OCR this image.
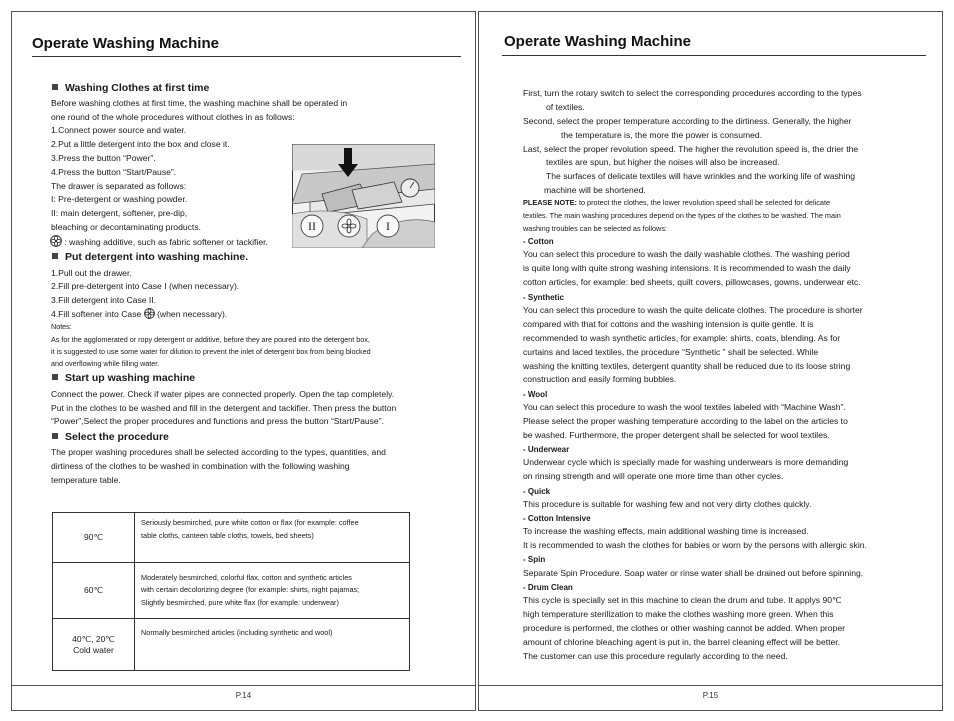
Operate Washing Machine
Washing Clothes at first time
Before washing clothes at first time, the washing machine shall be operated in
one round of the whole procedures without clothes in as follows:
1.Connect power source and water.
2.Put a little detergent into the box and close it.
3.Press the button “Power”.
4.Press the button “Start/Pause”.
The drawer is separated as follows:
I: Pre-detergent or washing powder.
II: main detergent, softener, pre-dip,
bleaching or decontaminating products.
: washing additive, such as fabric softener or tackifier.
II	I
Put detergent into washing machine.
1.Pull out the drawer.
2.Fill pre-detergent into Case I (when necessary).
3.Fill detergent into Case II.
4.Fill softener into Case (when necessary).
Notes:
As for the agglomerated or ropy detergent or additive, before they are poured into the detergent box,
it is suggested to use some water for dilution to prevent the inlet of detergent box from being blocked
and overflowing while filling water.
Start up washing machine
Connect the power. Check if water pipes are connected properly. Open the tap completely.
Put in the clothes to be washed and fill in the detergent and tackifier. Then press the button
“Power”,Select the proper procedures and functions and press the button “Start/Pause”.
Select the procedure
The proper washing procedures shall be selected according to the types, quantities, and
dirtiness of the clothes to be washed in combination with the following washing
temperature table.
90℃	Seriously besmirched, pure white cotton or flax (for example: coffee
table cloths, canteen table cloths, towels, bed sheets)

60℃	Moderately besmirched, colorful flax, cotton and synthetic articles
with certain decolorizing degree (for example: shirts, night pajamas;
Slightly besmirched, pure white flax (for example: underwear)

40℃, 20℃
Cold water	Normally besmirched articles (including synthetic and wool)
P.14
Operate Washing Machine
First, turn the rotary switch to select the corresponding procedures according to the types
of textiles.
Second, select the proper temperature according to the dirtiness. Generally, the higher
the temperature is, the more the power is consumed.
Last, select the proper revolution speed. The higher the revolution speed is, the drier the
textiles are spun, but higher the noises will also be increased.
The surfaces of delicate textiles will have wrinkles and the working life of washing
machine will be shortened.
PLEASE NOTE: to protect the clothes, the lower revolution speed shall be selected for delicate
textiles. The main washing procedures depend on the types of the clothes to be washed. The main
washing troubles can be selected as follows:
- Cotton
You can select this procedure to wash the daily washable clothes. The washing period
is quite long with quite strong washing intensions. It is recommended to wash the daily
cotton articles, for example: bed sheets, quilt covers, pillowcases, gowns, underwear etc.
- Synthetic
You can select this procedure to wash the quite delicate clothes. The procedure is shorter
compared with that for cottons and the washing intension is quite gentle. It is
recommended to wash synthetic articles, for example: shirts, coats, blending. As for
curtains and laced textiles, the procedure “Synthetic ” shall be selected. While
washing the knitting textiles, detergent quantity shall be reduced due to its loose string
construction and easily forming bubbles.
- Wool
You can select this procedure to wash the wool textiles labeled with “Machine Wash”.
Please select the proper washing temperature according to the label on the articles to
be washed. Furthermore, the proper detergent shall be selected for wool textiles.
- Underwear
Underwear cycle which is specially made for washing underwears is more demanding
on rinsing strength and will operate one more time than other cycles.
- Quick
This procedure is suitable for washing few and not very dirty clothes quickly.
- Cotton Intensive
To increase the washing effects, main additional washing time is increased.
It is recommended to wash the clothes for babies or worn by the persons with allergic skin.
- Spin
Separate Spin Procedure. Soap water or rinse water shall be drained out before spinning.
- Drum Clean
This cycle is specially set in this machine to clean the drum and tube. It applys 90℃
high temperature sterilization to make the clothes washing more green. When this
procedure is performed, the clothes or other washing cannot be added. When proper
amount of chlorine bleaching agent is put in, the barrel cleaning effect will be better.
The customer can use this procedure regularly according to the need.
P.15
